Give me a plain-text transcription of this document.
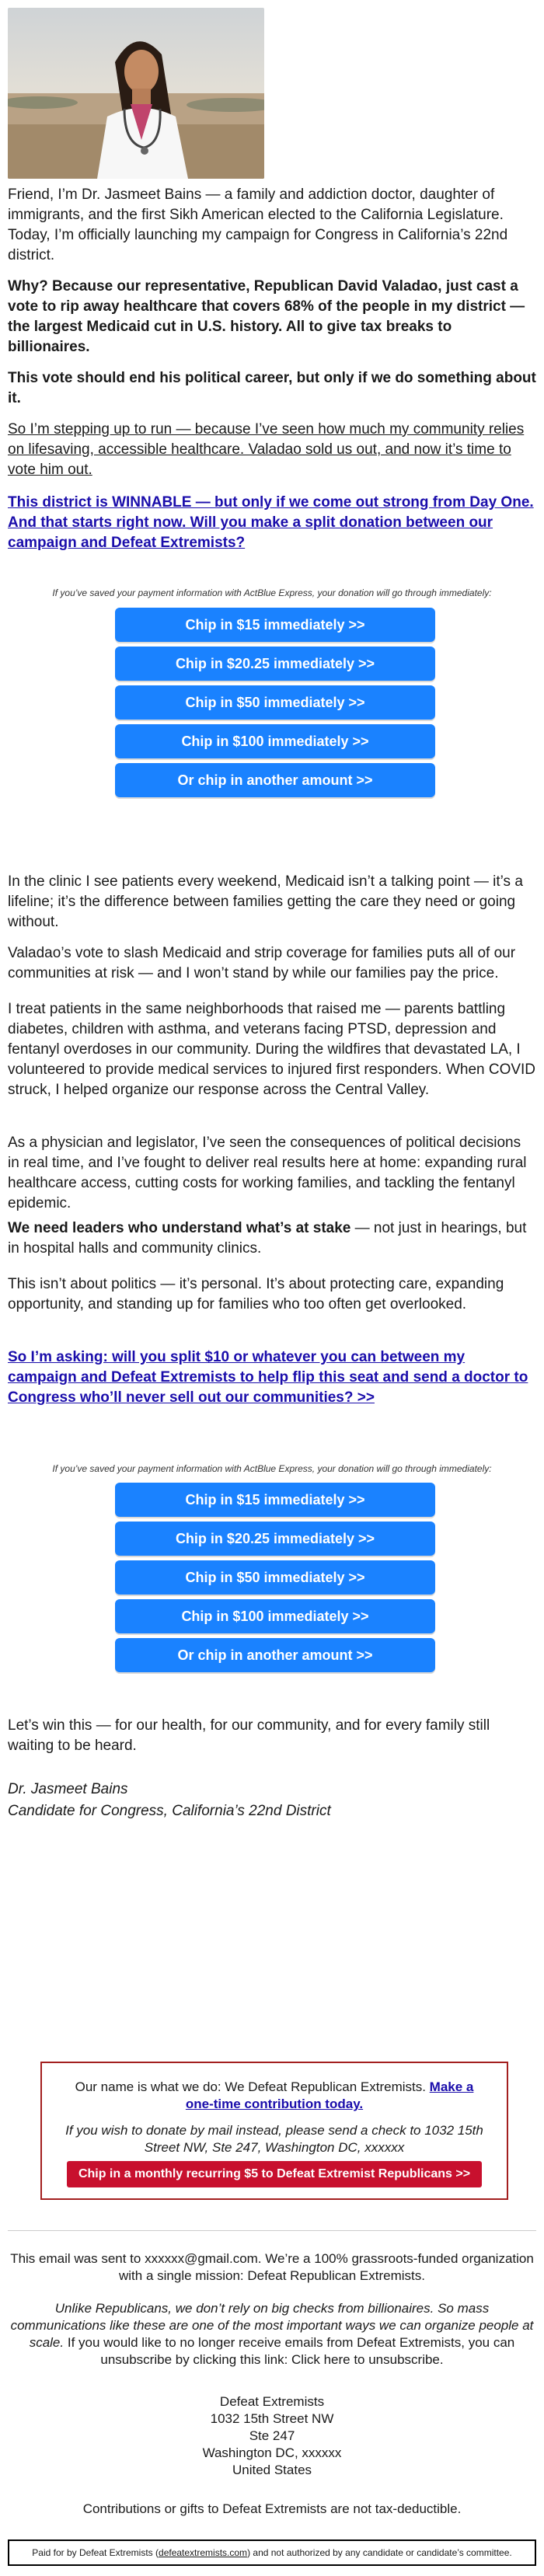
Friend, I’m Dr. Jasmeet Bains — a family and addiction doctor, daughter of immigrants, and the first Sikh American elected to the California Legislature. Today, I’m officially launching my campaign for Congress in California’s 22nd district.

Why? Because our representative, Republican David Valadao, just cast a vote to rip away healthcare that covers 68% of the people in my district — the largest Medicaid cut in U.S. history. All to give tax breaks to billionaires.

This vote should end his political career, but only if we do something about it.

So I’m stepping up to run — because I’ve seen how much my community relies on lifesaving, accessible healthcare. Valadao sold us out, and now it’s time to vote him out.

This district is WINNABLE — but only if we come out strong from Day One. And that starts right now. Will you make a split donation between our campaign and Defeat Extremists?

If you’ve saved your payment information with ActBlue Express, your donation will go through immediately:
Chip in $15 immediately >>
Chip in $20.25 immediately >>
Chip in $50 immediately >>
Chip in $100 immediately >>
Or chip in another amount >>

In the clinic I see patients every weekend, Medicaid isn’t a talking point — it’s a lifeline; it’s the difference between families getting the care they need or going without.

Valadao’s vote to slash Medicaid and strip coverage for families puts all of our communities at risk — and I won’t stand by while our families pay the price.

I treat patients in the same neighborhoods that raised me — parents battling diabetes, children with asthma, and veterans facing PTSD, depression and fentanyl overdoses in our community. During the wildfires that devastated LA, I volunteered to provide medical services to injured first responders. When COVID struck, I helped organize our response across the Central Valley.

As a physician and legislator, I’ve seen the consequences of political decisions in real time, and I’ve fought to deliver real results here at home: expanding rural healthcare access, cutting costs for working families, and tackling the fentanyl epidemic.

We need leaders who understand what’s at stake — not just in hearings, but in hospital halls and community clinics.

This isn’t about politics — it’s personal. It’s about protecting care, expanding opportunity, and standing up for families who too often get overlooked.

So I’m asking: will you split $10 or whatever you can between my campaign and Defeat Extremists to help flip this seat and send a doctor to Congress who’ll never sell out our communities? >>

If you’ve saved your payment information with ActBlue Express, your donation will go through immediately:
Chip in $15 immediately >>
Chip in $20.25 immediately >>
Chip in $50 immediately >>
Chip in $100 immediately >>
Or chip in another amount >>

Let’s win this — for our health, for our community, and for every family still waiting to be heard.

Dr. Jasmeet Bains

Candidate for Congress, California’s 22nd District

Our name is what we do: We Defeat Republican Extremists. Make a one-time contribution today.
If you wish to donate by mail instead, please send a check to 1032 15th Street NW, Ste 247, Washington DC, xxxxxx
Chip in a monthly recurring $5 to Defeat Extremist Republicans >>
This email was sent to xxxxxx@gmail.com. We’re a 100% grassroots-funded organization with a single mission: Defeat Republican Extremists.
Unlike Republicans, we don’t rely on big checks from billionaires. So mass communications like these are one of the most important ways we can organize people at scale. If you would like to no longer receive emails from Defeat Extremists, you can unsubscribe by clicking this link: Click here to unsubscribe.
Defeat Extremists
1032 15th Street NW
Ste 247
Washington DC, xxxxxx
United States
Contributions or gifts to Defeat Extremists are not tax-deductible.
Paid for by Defeat Extremists ( defeatextremists.com ) and not authorized by any candidate or candidate’s committee.
